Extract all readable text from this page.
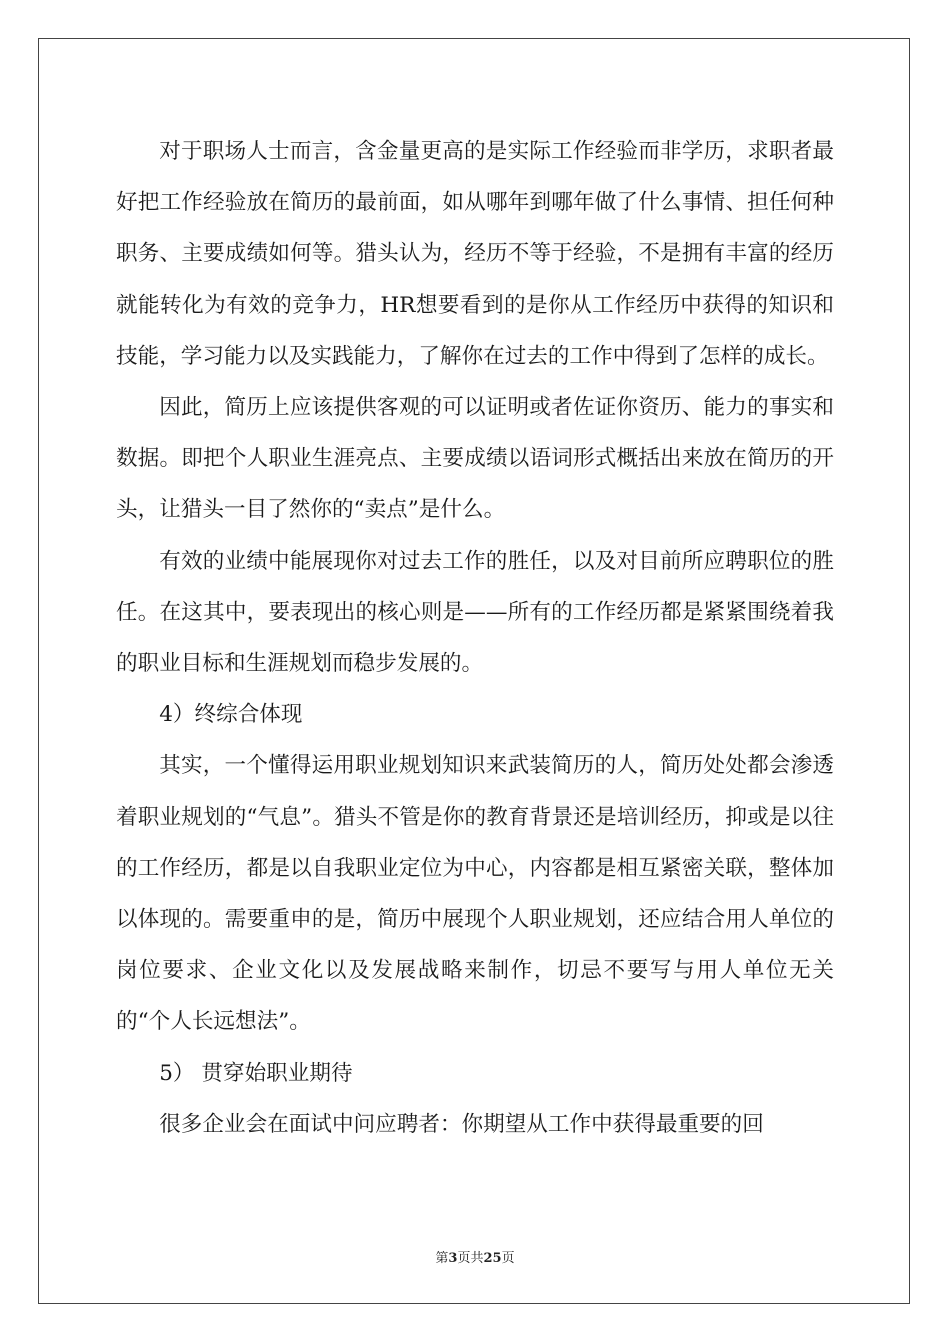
对于职场人士而言，含金量更高的是实际工作经验而非学历，求职者最好把工作经验放在简历的最前面，如从哪年到哪年做了什么事情、担任何种职务、主要成绩如何等。猎头认为，经历不等于经验，不是拥有丰富的经历就能转化为有效的竞争力，HR想要看到的是你从工作经历中获得的知识和技能，学习能力以及实践能力，了解你在过去的工作中得到了怎样的成长。

因此，简历上应该提供客观的可以证明或者佐证你资历、能力的事实和数据。即把个人职业生涯亮点、主要成绩以语词形式概括出来放在简历的开头，让猎头一目了然你的“卖点”是什么。

有效的业绩中能展现你对过去工作的胜任，以及对目前所应聘职位的胜任。在这其中，要表现出的核心则是——所有的工作经历都是紧紧围绕着我的职业目标和生涯规划而稳步发展的。

4）终综合体现

其实，一个懂得运用职业规划知识来武装简历的人，简历处处都会渗透着职业规划的“气息”。猎头不管是你的教育背景还是培训经历，抑或是以往的工作经历，都是以自我职业定位为中心，内容都是相互紧密关联，整体加以体现的。需要重申的是，简历中展现个人职业规划，还应结合用人单位的岗位要求、企业文化以及发展战略来制作，切忌不要写与用人单位无关的“个人长远想法”。

5） 贯穿始职业期待

很多企业会在面试中问应聘者：你期望从工作中获得最重要的回

第3页共25页
